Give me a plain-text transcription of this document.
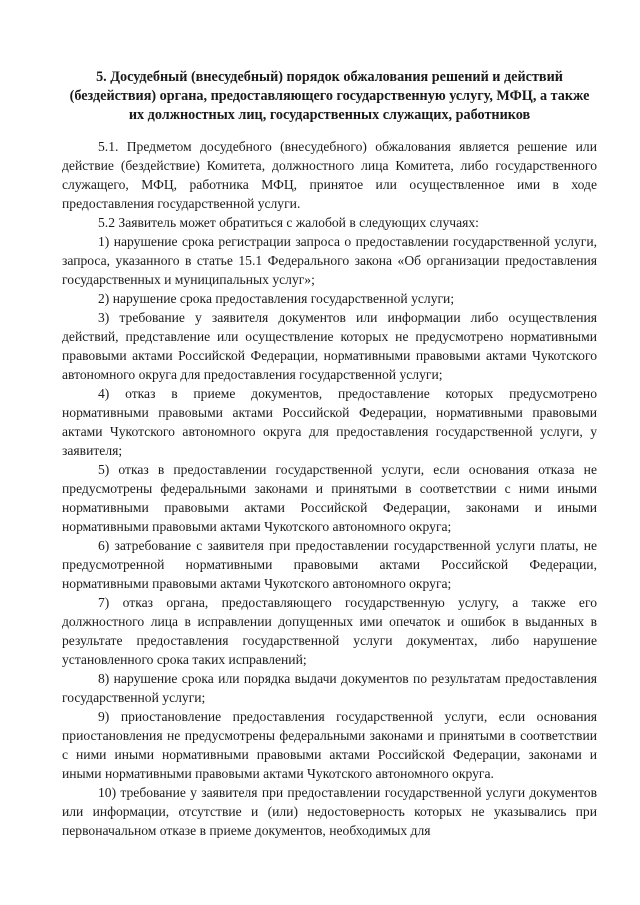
5. Досудебный (внесудебный) порядок обжалования решений и действий (бездействия) органа, предоставляющего государственную услугу, МФЦ, а также их должностных лиц, государственных служащих, работников

5.1. Предметом досудебного (внесудебного) обжалования является решение или действие (бездействие) Комитета, должностного лица Комитета, либо государственного служащего, МФЦ, работника МФЦ, принятое или осуществленное ими в ходе предоставления государственной услуги.

5.2 Заявитель может обратиться с жалобой в следующих случаях:

1) нарушение срока регистрации запроса о предоставлении государственной услуги, запроса, указанного в статье 15.1 Федерального закона «Об организации предоставления государственных и муниципальных услуг»;

2) нарушение срока предоставления государственной услуги;

3) требование у заявителя документов или информации либо осуществления действий, представление или осуществление которых не предусмотрено нормативными правовыми актами Российской Федерации, нормативными правовыми актами Чукотского автономного округа для предоставления государственной услуги;

4) отказ в приеме документов, предоставление которых предусмотрено нормативными правовыми актами Российской Федерации, нормативными правовыми актами Чукотского автономного округа для предоставления государственной услуги, у заявителя;

5) отказ в предоставлении государственной услуги, если основания отказа не предусмотрены федеральными законами и принятыми в соответствии с ними иными нормативными правовыми актами Российской Федерации, законами и иными нормативными правовыми актами Чукотского автономного округа;

6) затребование с заявителя при предоставлении государственной услуги платы, не предусмотренной нормативными правовыми актами Российской Федерации, нормативными правовыми актами Чукотского автономного округа;

7) отказ органа, предоставляющего государственную услугу, а также его должностного лица в исправлении допущенных ими опечаток и ошибок в выданных в результате предоставления государственной услуги документах, либо нарушение установленного срока таких исправлений;

8) нарушение срока или порядка выдачи документов по результатам предоставления государственной услуги;

9) приостановление предоставления государственной услуги, если основания приостановления не предусмотрены федеральными законами и принятыми в соответствии с ними иными нормативными правовыми актами Российской Федерации, законами и иными нормативными правовыми актами Чукотского автономного округа.

10) требование у заявителя при предоставлении государственной услуги документов или информации, отсутствие и (или) недостоверность которых не указывались при первоначальном отказе в приеме документов, необходимых для
